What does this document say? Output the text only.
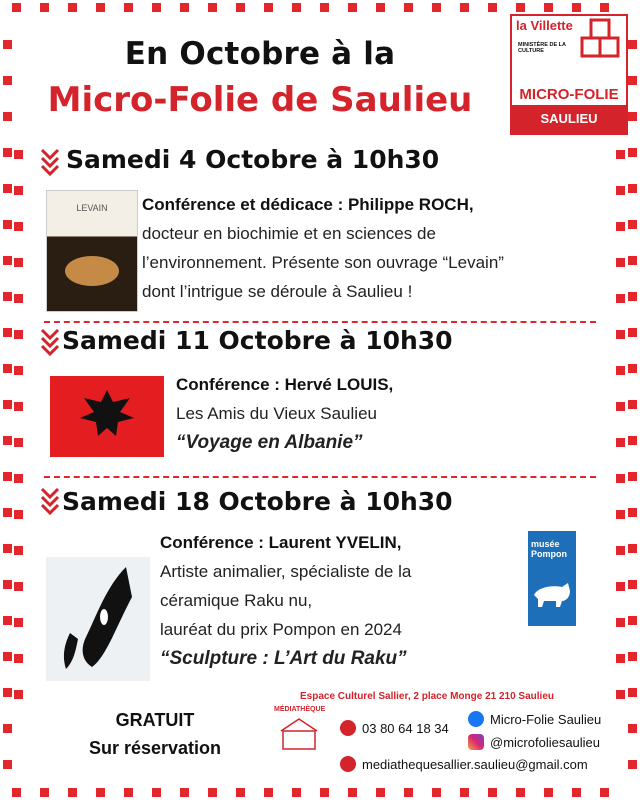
En Octobre à la
Micro-Folie de Saulieu
la Villette
MINISTÈRE DE LA CULTURE
MICRO-FOLIE
SAULIEU
Samedi 4 Octobre à 10h30
LEVAIN	Conférence et dédicace : Philippe ROCH,
docteur en biochimie et en sciences de
l’environnement. Présente son ouvrage “Levain”
dont l’intrigue se déroule à Saulieu !
Samedi 11 Octobre à 10h30
Conférence : Hervé LOUIS,
Les Amis du Vieux Saulieu
“Voyage en Albanie”
Samedi 18 Octobre à 10h30
Conférence : Laurent YVELIN,
Artiste animalier, spécialiste de la
céramique Raku nu,
lauréat du prix Pompon en 2024
“Sculpture : L’Art du Raku”
musée Pompon
Espace Culturel Sallier, 2 place Monge 21 210 Saulieu
GRATUIT
Sur réservation
MÉDIATHÈQUE
03 80 64 18 34
mediathequesallier.saulieu@gmail.com
Micro-Folie Saulieu
@microfoliesaulieu
